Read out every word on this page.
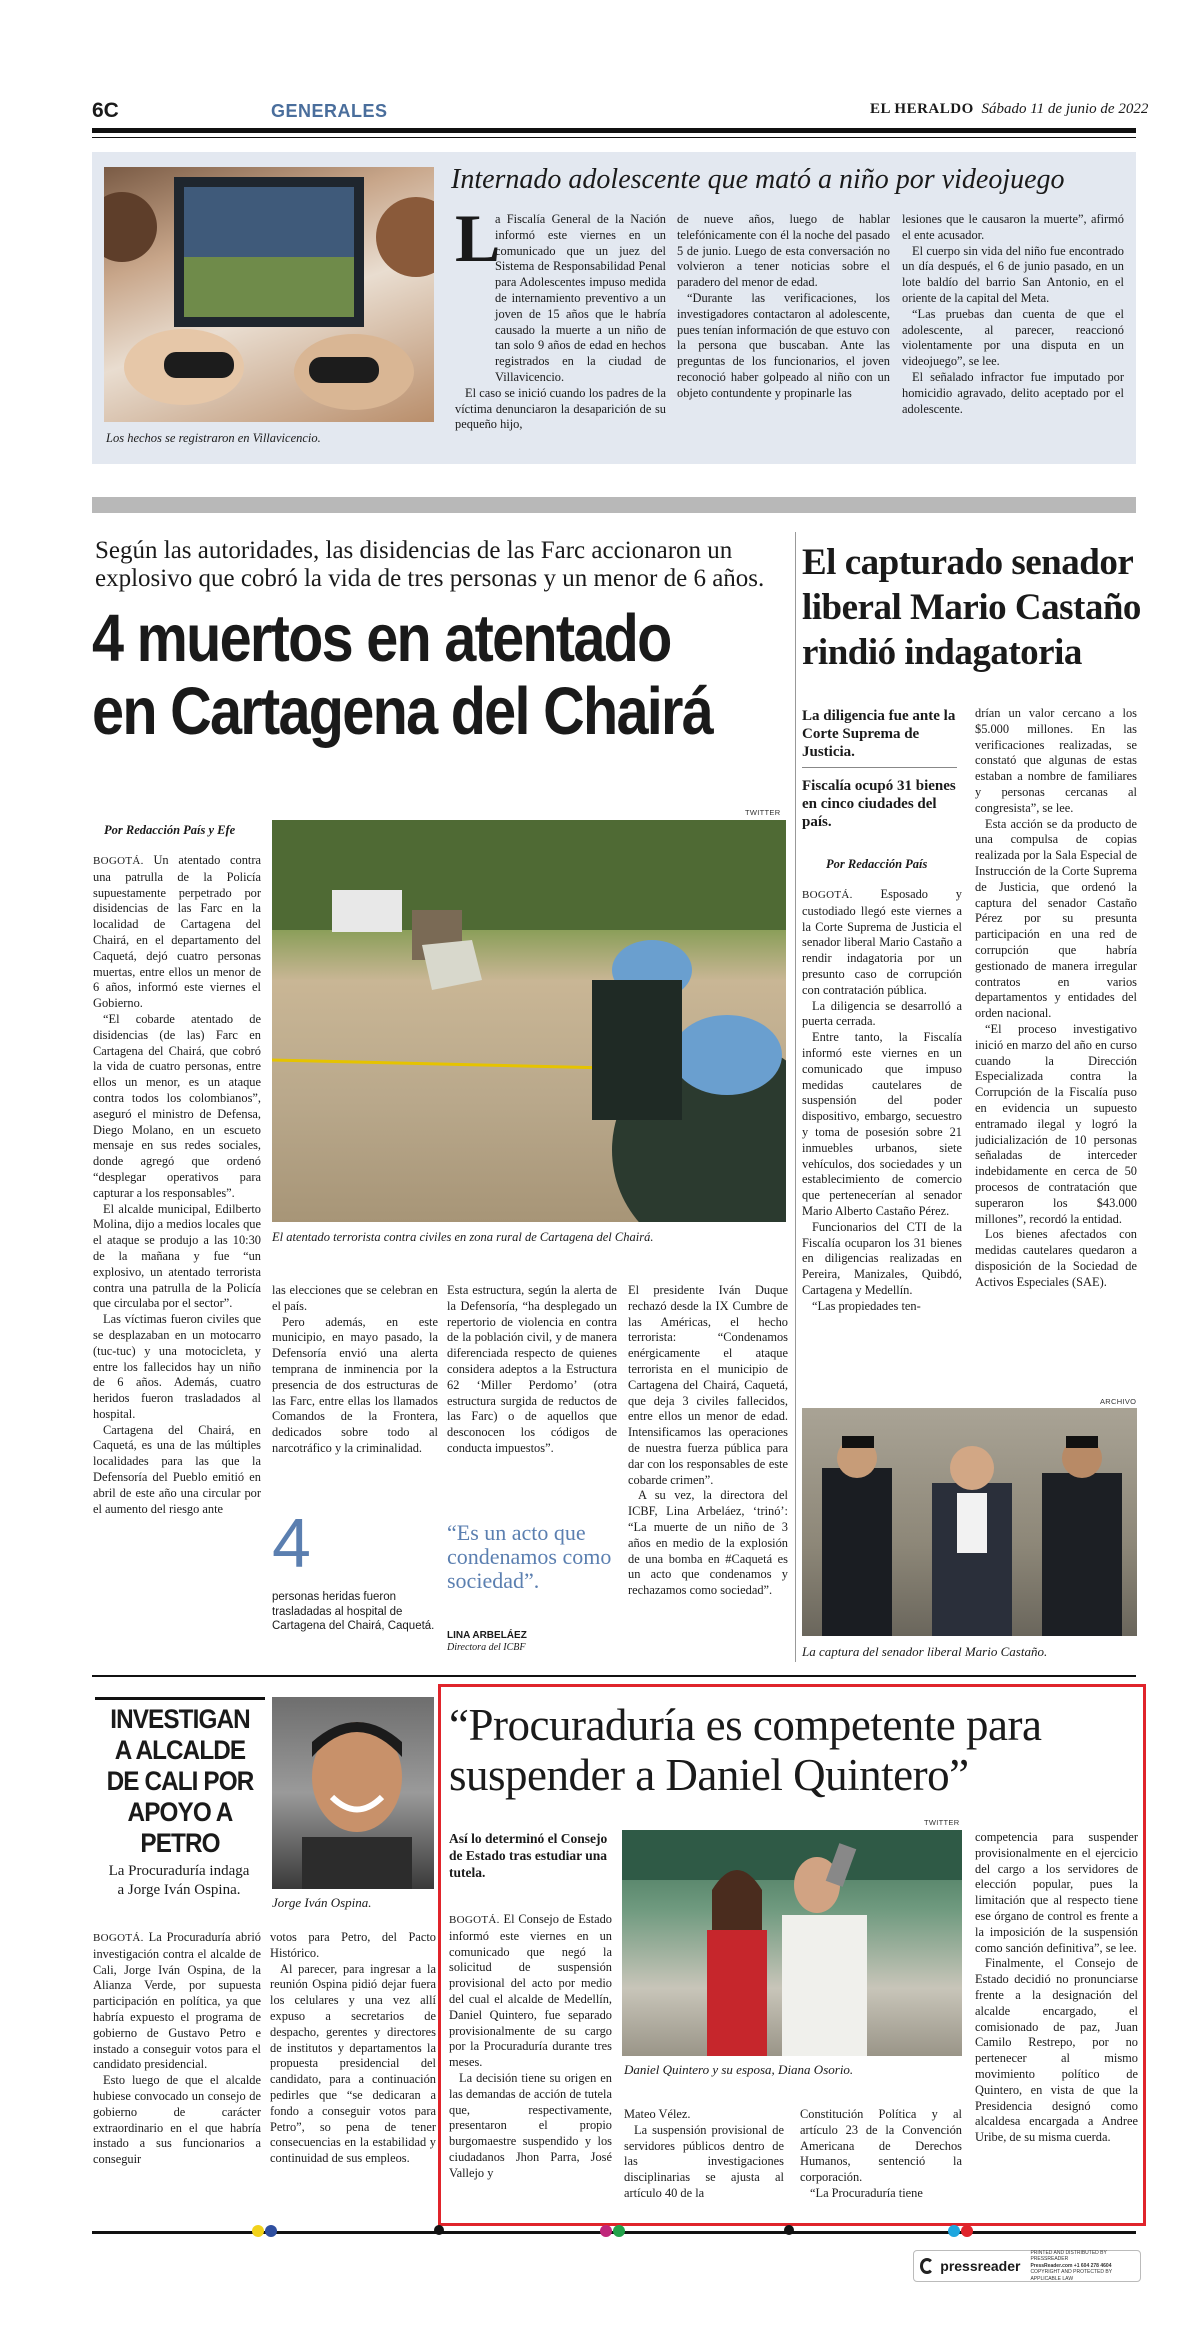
6C	GENERALES	EL HERALDO Sábado 11 de junio de 2022
Los hechos se registraron en Villavicencio.
Internado adolescente que mató a niño por videojuego
L

a Fiscalía General de la Nación informó este viernes en un comunicado que un juez del Sistema de Responsabilidad Penal para Adolescentes impuso medida de internamiento preventivo a un joven de 15 años que le habría causado la muerte a un niño de tan solo 9 años de edad en hechos registrados en la ciudad de Villavicencio.

El caso se inició cuando los padres de la víctima denunciaron la desaparición de su pequeño hijo,

de nueve años, luego de hablar telefónicamente con él la noche del pasado 5 de junio. Luego de esta conversación no volvieron a tener noticias sobre el paradero del menor de edad.

“Durante las verificaciones, los investigadores contactaron al adolescente, pues tenían información de que estuvo con la persona que buscaban. Ante las preguntas de los funcionarios, el joven reconoció haber golpeado al niño con un objeto contundente y propinarle las

lesiones que le causaron la muerte”, afirmó el ente acusador.

El cuerpo sin vida del niño fue encontrado un día después, el 6 de junio pasado, en un lote baldío del barrio San Antonio, en el oriente de la capital del Meta.

“Las pruebas dan cuenta de que el adolescente, al parecer, reaccionó violentamente por una disputa en un videojuego”, se lee.

El señalado infractor fue imputado por homicidio agravado, delito aceptado por el adolescente.

Según las autoridades, las disidencias de las Farc accionaron un explosivo que cobró la vida de tres personas y un menor de 6 años.
4 muertos en atentado
en Cartagena del Chairá
Por Redacción País y Efe
TWITTER
El atentado terrorista contra civiles en zona rural de Cartagena del Chairá.

BOGOTÁ. Un atentado contra una patrulla de la Policía supuestamente perpetrado por disidencias de las Farc en la localidad de Cartagena del Chairá, en el departamento del Caquetá, dejó cuatro personas muertas, entre ellos un menor de 6 años, informó este viernes el Gobierno.

“El cobarde atentado de disidencias (de las) Farc en Cartagena del Chairá, que cobró la vida de cuatro personas, entre ellos un menor, es un ataque contra todos los colombianos”, aseguró el ministro de Defensa, Diego Molano, en un escueto mensaje en sus redes sociales, donde agregó que ordenó “desplegar operativos para capturar a los responsables”.

El alcalde municipal, Edilberto Molina, dijo a medios locales que el ataque se produjo a las 10:30 de la mañana y fue “un explosivo, un atentado terrorista contra una patrulla de la Policía que circulaba por el sector”.

Las víctimas fueron civiles que se desplazaban en un motocarro (tuc-tuc) y una motocicleta, y entre los fallecidos hay un niño de 6 años. Además, cuatro heridos fueron trasladados al hospital.

Cartagena del Chairá, en Caquetá, es una de las múltiples localidades para las que la Defensoría del Pueblo emitió en abril de este año una circular por el aumento del riesgo ante

las elecciones que se celebran en el país.

Pero además, en este municipio, en mayo pasado, la Defensoría envió una alerta temprana de inminencia por la presencia de dos estructuras de las Farc, entre ellas los llamados Comandos de la Frontera, dedicados sobre todo al narcotráfico y la criminalidad.

Esta estructura, según la alerta de la Defensoría, “ha desplegado un repertorio de violencia en contra de la población civil, y de manera diferenciada respecto de quienes considera adeptos a la Estructura 62 ‘Miller Perdomo’ (otra estructura surgida de reductos de las Farc) o de aquellos que desconocen los códigos de conducta impuestos”.

El presidente Iván Duque rechazó desde la IX Cumbre de las Américas, el hecho terrorista: “Condenamos enérgicamente el ataque terrorista en el municipio de Cartagena del Chairá, Caquetá, que deja 3 civiles fallecidos, entre ellos un menor de edad. Intensificamos las operaciones de nuestra fuerza pública para dar con los responsables de este cobarde crimen”.

A su vez, la directora del ICBF, Lina Arbeláez, ‘trinó’: “La muerte de un niño de 3 años en medio de la explosión de una bomba en #Caquetá es un acto que condenamos y rechazamos como sociedad”.

4
personas heridas fueron trasladadas al hospital de Cartagena del Chairá, Caquetá.
“Es un acto que condenamos como sociedad”.
LINA ARBELÁEZ
Directora del ICBF
El capturado senador liberal Mario Castaño rindió indagatoria
La diligencia fue ante la Corte Suprema de Justicia.
Fiscalía ocupó 31 bienes en cinco ciudades del país.
Por Redacción País

BOGOTÁ. Esposado y custodiado llegó este viernes a la Corte Suprema de Justicia el senador liberal Mario Castaño a rendir indagatoria por un presunto caso de corrupción con contratación pública.

La diligencia se desarrolló a puerta cerrada.

Entre tanto, la Fiscalía informó este viernes en un comunicado que impuso medidas cautelares de suspensión del poder dispositivo, embargo, secuestro y toma de posesión sobre 21 inmuebles urbanos, siete vehículos, dos sociedades y un establecimiento de comercio que pertenecerían al senador Mario Alberto Castaño Pérez.

Funcionarios del CTI de la Fiscalía ocuparon los 31 bienes en diligencias realizadas en Pereira, Manizales, Quibdó, Cartagena y Medellín.

“Las propiedades ten-

drían un valor cercano a los $5.000 millones. En las verificaciones realizadas, se constató que algunas de estas estaban a nombre de familiares y personas cercanas al congresista”, se lee.

Esta acción se da producto de una compulsa de copias realizada por la Sala Especial de Instrucción de la Corte Suprema de Justicia, que ordenó la captura del senador Castaño Pérez por su presunta participación en una red de corrupción que habría gestionado de manera irregular contratos en varios departamentos y entidades del orden nacional.

“El proceso investigativo inició en marzo del año en curso cuando la Dirección Especializada contra la Corrupción de la Fiscalía puso en evidencia un supuesto entramado ilegal y logró la judicialización de 10 personas señaladas de interceder indebidamente en cerca de 50 procesos de contratación que superaron los $43.000 millones”, recordó la entidad.

Los bienes afectados con medidas cautelares quedaron a disposición de la Sociedad de Activos Especiales (SAE).

ARCHIVO
La captura del senador liberal Mario Castaño.
INVESTIGAN A ALCALDE DE CALI POR APOYO A PETRO
La Procuraduría indaga a Jorge Iván Ospina.
Jorge Iván Ospina.

BOGOTÁ. La Procuraduría abrió investigación contra el alcalde de Cali, Jorge Iván Ospina, de la Alianza Verde, por supuesta participación en política, ya que habría expuesto el programa de gobierno de Gustavo Petro e instado a conseguir votos para el candidato presidencial.

Esto luego de que el alcalde hubiese convocado un consejo de gobierno de carácter extraordinario en el que habría instado a sus funcionarios a conseguir

votos para Petro, del Pacto Histórico.

Al parecer, para ingresar a la reunión Ospina pidió dejar fuera los celulares y una vez allí expuso a secretarios de despacho, gerentes y directores de institutos y departamentos la propuesta presidencial del candidato, para a continuación pedirles que “se dedicaran a fondo a conseguir votos para Petro”, so pena de tener consecuencias en la estabilidad y continuidad de sus empleos.

“Procuraduría es competente para suspender a Daniel Quintero”
Así lo determinó el Consejo de Estado tras estudiar una tutela.
TWITTER
Daniel Quintero y su esposa, Diana Osorio.

BOGOTÁ. El Consejo de Estado informó este viernes en un comunicado que negó la solicitud de suspensión provisional del acto por medio del cual el alcalde de Medellín, Daniel Quintero, fue separado provisionalmente de su cargo por la Procuraduría durante tres meses.

La decisión tiene su origen en las demandas de acción de tutela que, respectivamente, presentaron el propio burgomaestre suspendido y los ciudadanos Jhon Parra, José Vallejo y

Mateo Vélez.

La suspensión provisional de servidores públicos dentro de las investigaciones disciplinarias se ajusta al artículo 40 de la

Constitución Política y al artículo 23 de la Convención Americana de Derechos Humanos, sentenció la corporación.

“La Procuraduría tiene

competencia para suspender provisionalmente en el ejercicio del cargo a los servidores de elección popular, pues la limitación que al respecto tiene ese órgano de control es frente a la imposición de la suspensión como sanción definitiva”, se lee.

Finalmente, el Consejo de Estado decidió no pronunciarse frente a la designación del alcalde encargado, el comisionado de paz, Juan Camilo Restrepo, por no pertenecer al mismo movimiento político de Quintero, en vista de que la Presidencia designó como alcaldesa encargada a Andree Uribe, de su misma cuerda.

pressreader
PRINTED AND DISTRIBUTED BY PRESSREADER
PressReader.com +1 604 278 4604
COPYRIGHT AND PROTECTED BY APPLICABLE LAW
